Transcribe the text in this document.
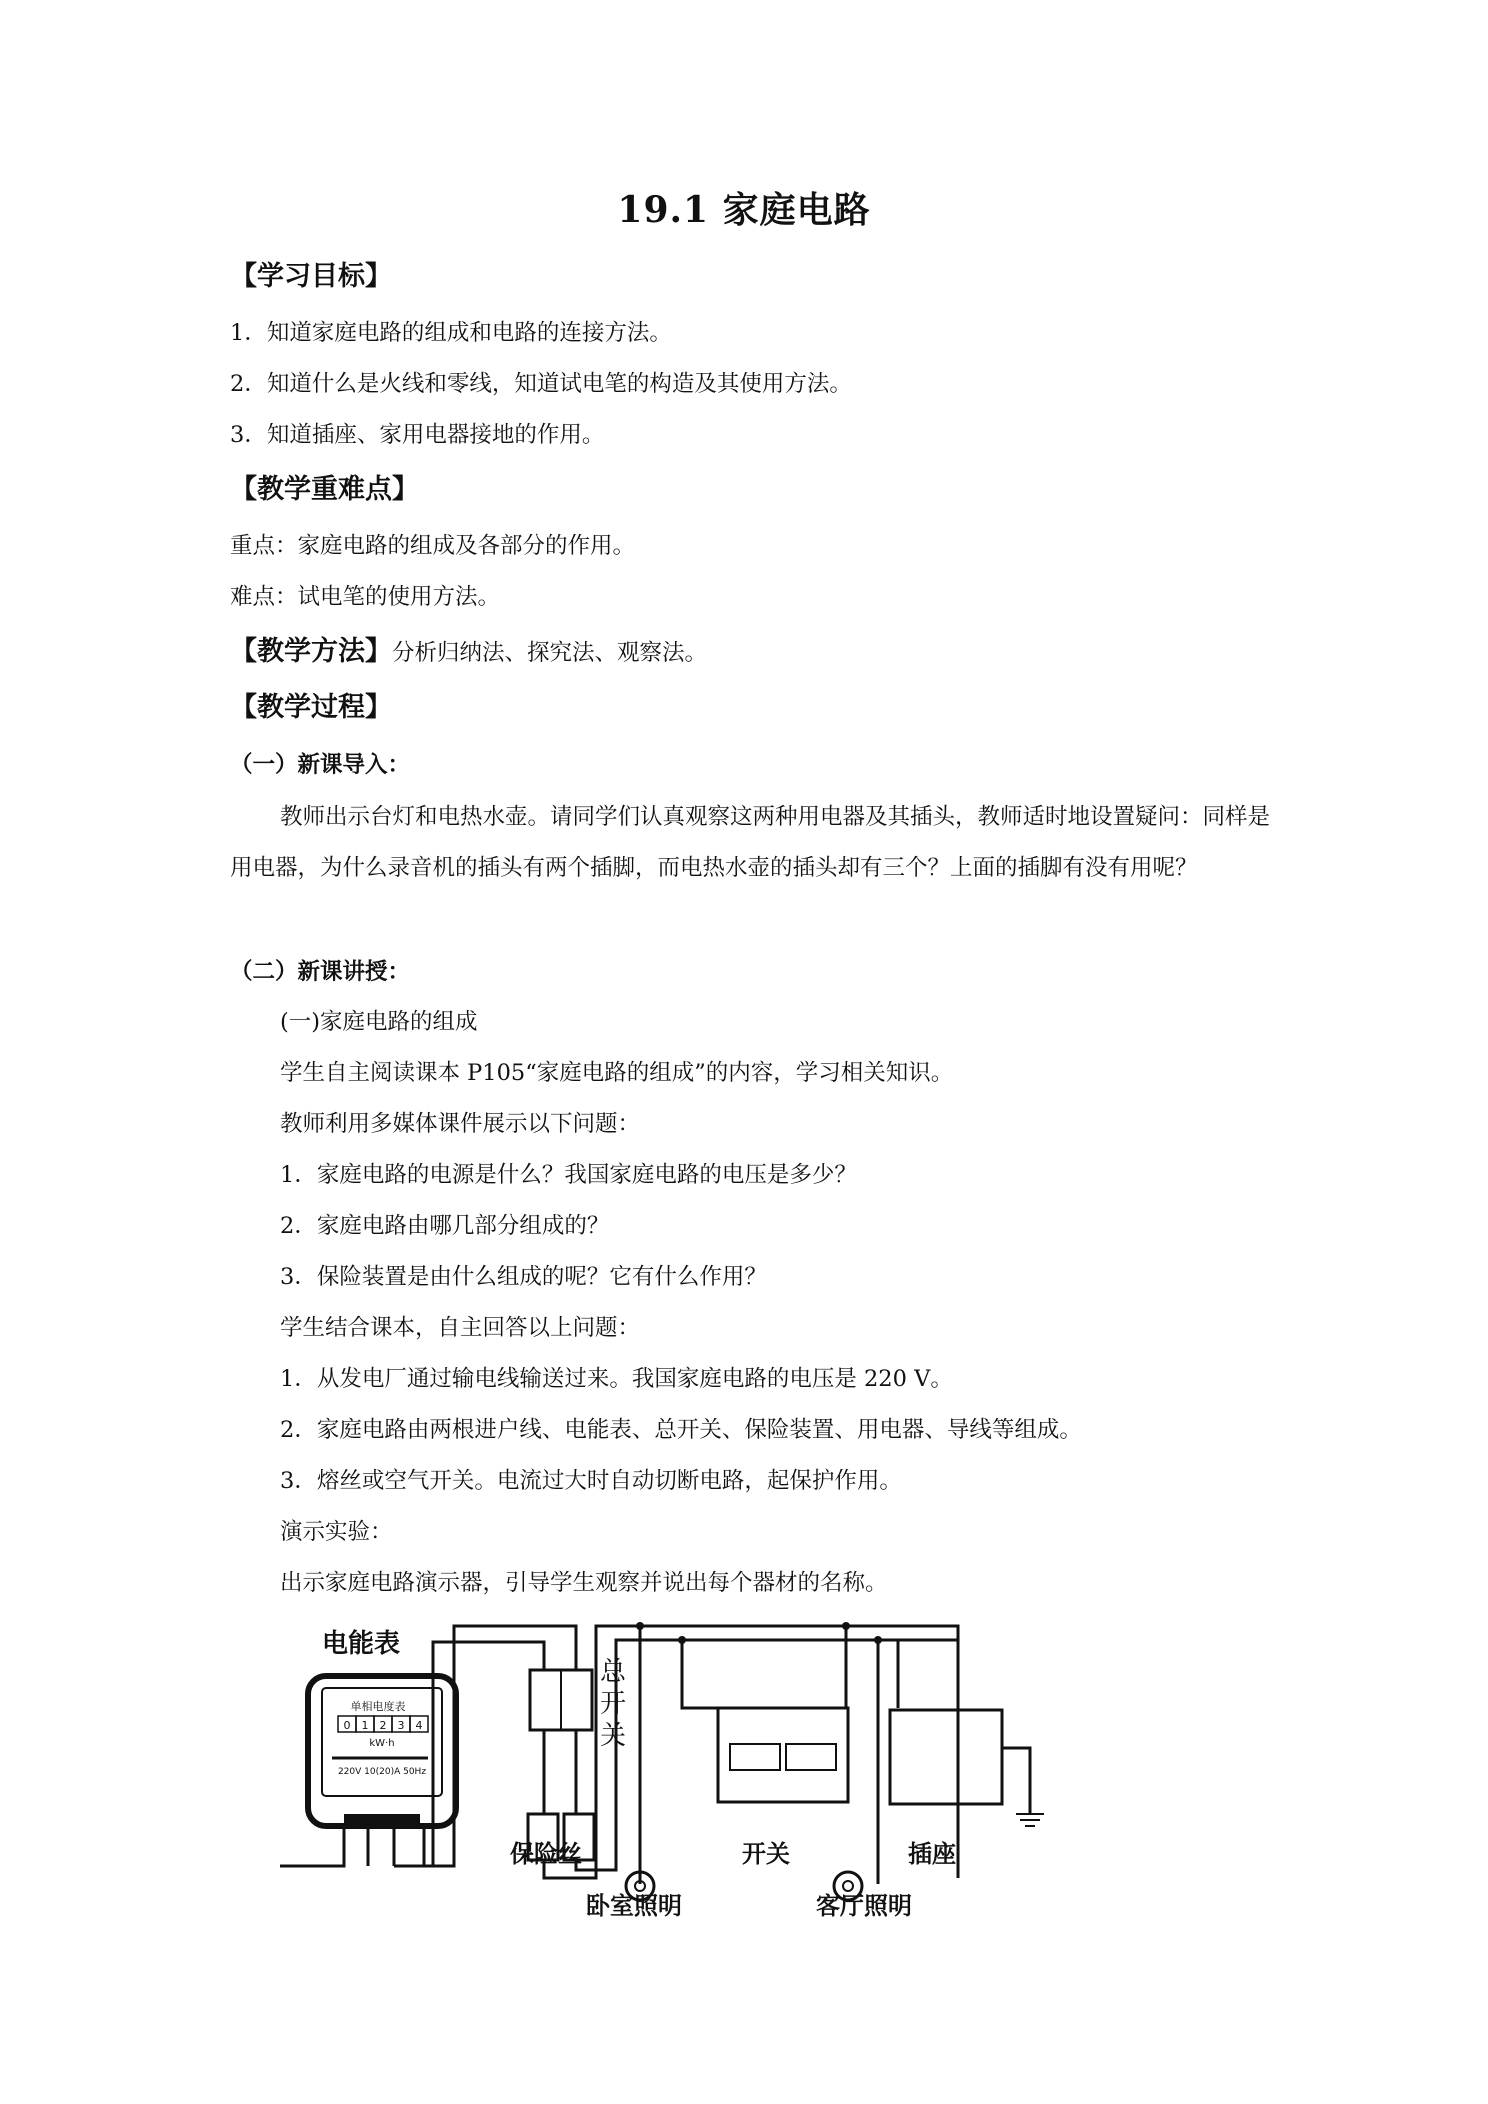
19.1 家庭电路
【学习目标】
1．知道家庭电路的组成和电路的连接方法。
2．知道什么是火线和零线，知道试电笔的构造及其使用方法。
3．知道插座、家用电器接地的作用。
【教学重难点】
重点：家庭电路的组成及各部分的作用。
难点：试电笔的使用方法。
【教学方法】分析归纳法、探究法、观察法。
【教学过程】
（一）新课导入：
教师出示台灯和电热水壶。请同学们认真观察这两种用电器及其插头，教师适时地设置疑问：同样是用电器，为什么录音机的插头有两个插脚，而电热水壶的插头却有三个？上面的插脚有没有用呢？
（二）新课讲授：
(一)家庭电路的组成
学生自主阅读课本 P105“家庭电路的组成”的内容，学习相关知识。
教师利用多媒体课件展示以下问题：
1．家庭电路的电源是什么？我国家庭电路的电压是多少？
2．家庭电路由哪几部分组成的？
3．保险装置是由什么组成的呢？它有什么作用？
学生结合课本，自主回答以上问题：
1．从发电厂通过输电线输送过来。我国家庭电路的电压是 220 V。
2．家庭电路由两根进户线、电能表、总开关、保险装置、用电器、导线等组成。
3．熔丝或空气开关。电流过大时自动切断电路，起保护作用。
演示实验：
出示家庭电路演示器，引导学生观察并说出每个器材的名称。
单相电度表
0 1 2 3 4
kW·h
220V 10(20)A 50Hz
电能表
总
开
关
保险丝	开关	插座
卧室照明	客厅照明
